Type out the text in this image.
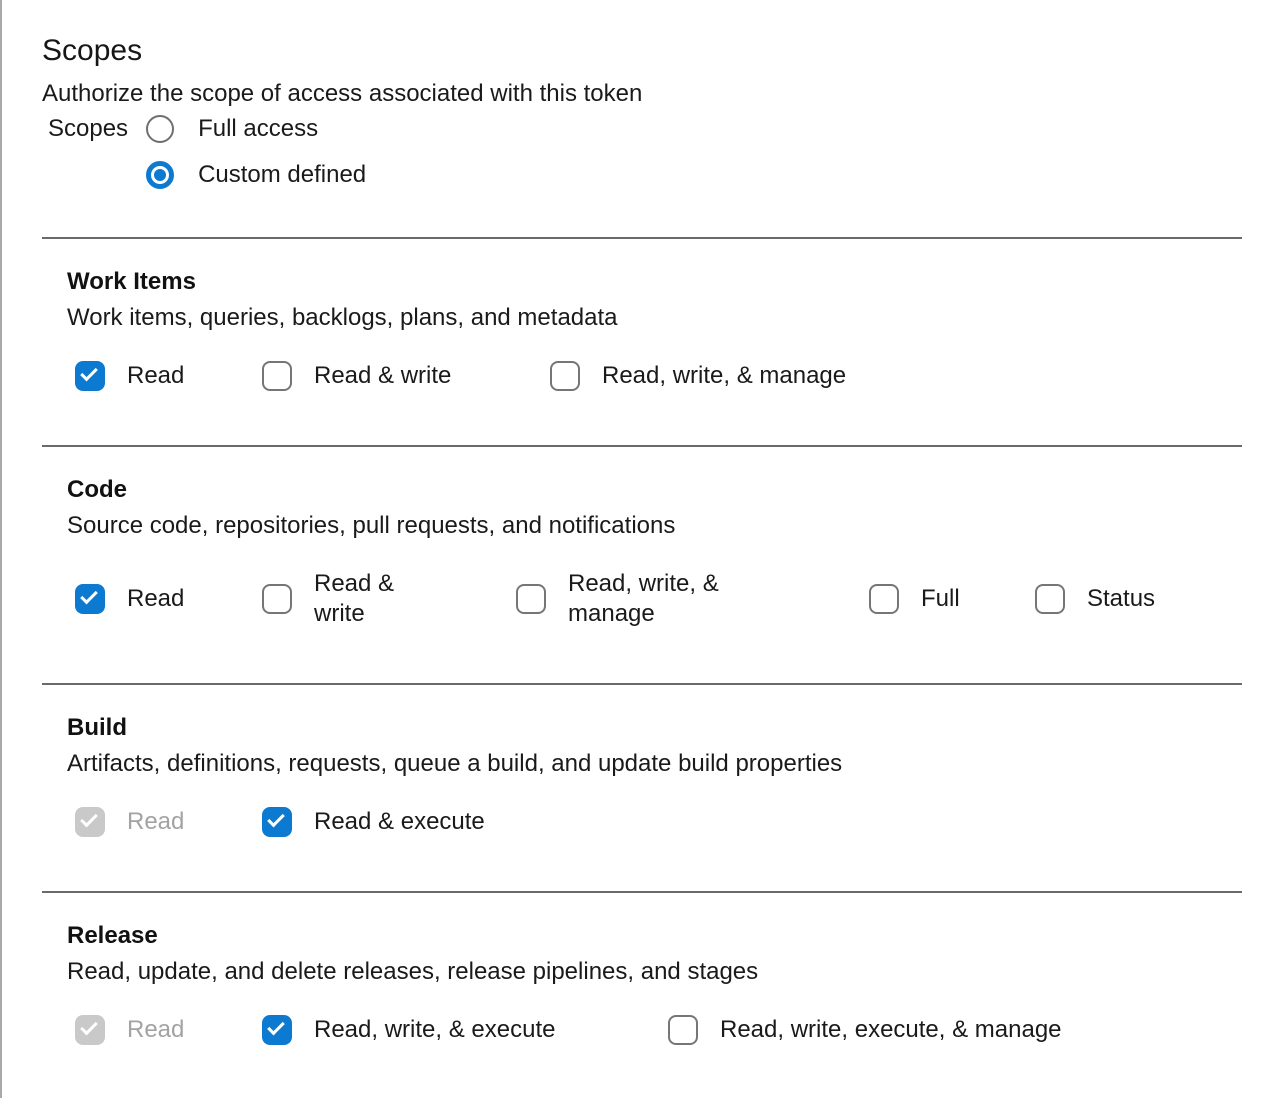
Scopes
Authorize the scope of access associated with this token
Scopes	Full access
Custom defined
Work Items
Work items, queries, backlogs, plans, and metadata
Read	Read & write	Read, write, & manage
Code
Source code, repositories, pull requests, and notifications
Read
Read & write
Read, write, & manage
Full	Status
Build
Artifacts, definitions, requests, queue a build, and update build properties
Read	Read & execute
Release
Read, update, and delete releases, release pipelines, and stages
Read	Read, write, & execute	Read, write, execute, & manage
